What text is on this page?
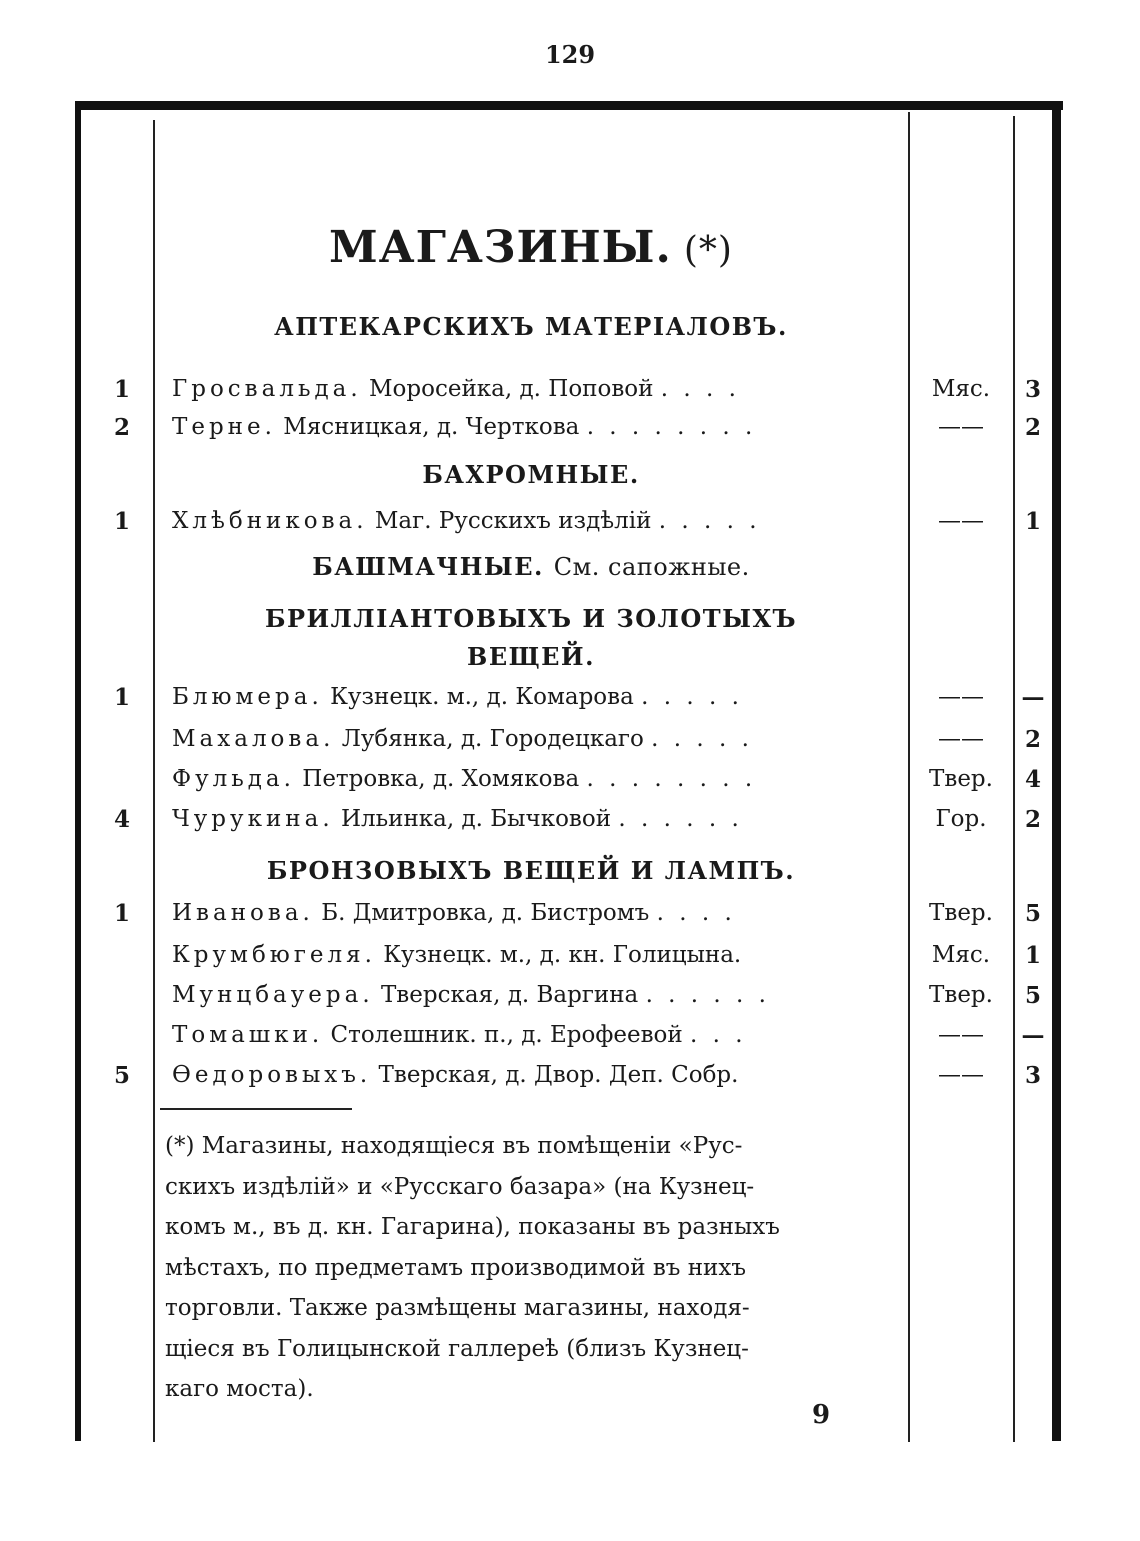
129
МАГАЗИНЫ. (*)
АПТЕКАРСКИХЪ МАТЕРІАЛОВЪ.
БАХРОМНЫЕ.
БАШМАЧНЫЕ. См. сапожные.
БРИЛЛІАНТОВЫХЪ И ЗОЛОТЫХЪ
ВЕЩЕЙ.
БРОНЗОВЫХЪ ВЕЩЕЙ И ЛАМПЪ.
1 Гросвальда. Моросейка, д. Поповой . . . .	Мяс.	3
2 Терне. Мясницкая, д. Черткова . . . . . . . .	——	2
1 Хлѣбникова. Маг. Русскихъ издѣлій . . . . .	——	1
1 Блюмера. Кузнецк. м., д. Комарова . . . . .	——	—
Махалова. Лубянка, д. Городецкаго . . . . .	——	2
Фульда. Петровка, д. Хомякова . . . . . . . .	Твер.	4
4 Чурукина. Ильинка, д. Бычковой . . . . . .	Гор.	2
1 Иванова. Б. Дмитровка, д. Бистромъ . . . .	Твер.	5
Крумбюгеля. Кузнецк. м., д. кн. Голицына.	Мяс.	1
Мунцбауера. Тверская, д. Варгина . . . . . .	Твер.	5
Томашки. Столешник. п., д. Ерофеевой . . .	——	—
5 Өедоровыхъ. Тверская, д. Двор. Деп. Собр.	——	3
(*) Магазины, находящіеся въ помѣщеніи «Рус-
скихъ издѣлій» и «Русскаго базара» (на Кузнец-
комъ м., въ д. кн. Гагарина), показаны въ разныхъ
мѣстахъ, по предметамъ производимой въ нихъ
торговли. Также размѣщены магазины, находя-
щіеся въ Голицынской галлереѣ (близъ Кузнец-
каго моста).
9
